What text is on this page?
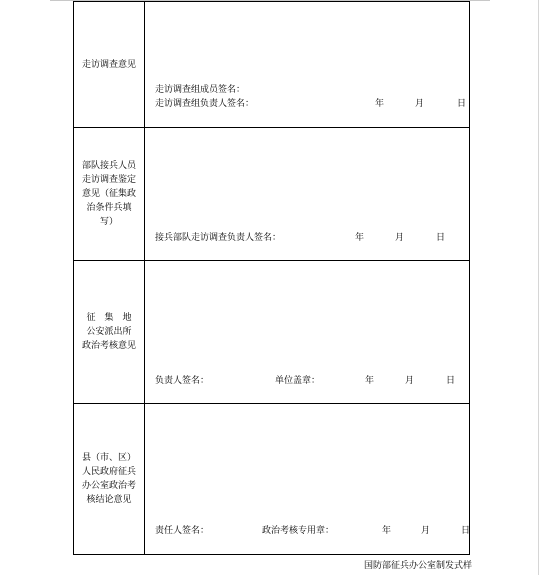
走访调查意见	走访调查组成员签名：
走访调查组负责人签名： 年 月 日

部队接兵人员走访调查鉴定意见（征集政治条件兵填写）	接兵部队走访调查负责人签名： 年 月 日

征　集　地
公安派出所
政治考核意见	负责人签名： 单位盖章： 年 月 日

县（市、区）人民政府征兵办公室政治考核结论意见	责任人签名： 政治考核专用章： 年 月 日
国防部征兵办公室制发式样
